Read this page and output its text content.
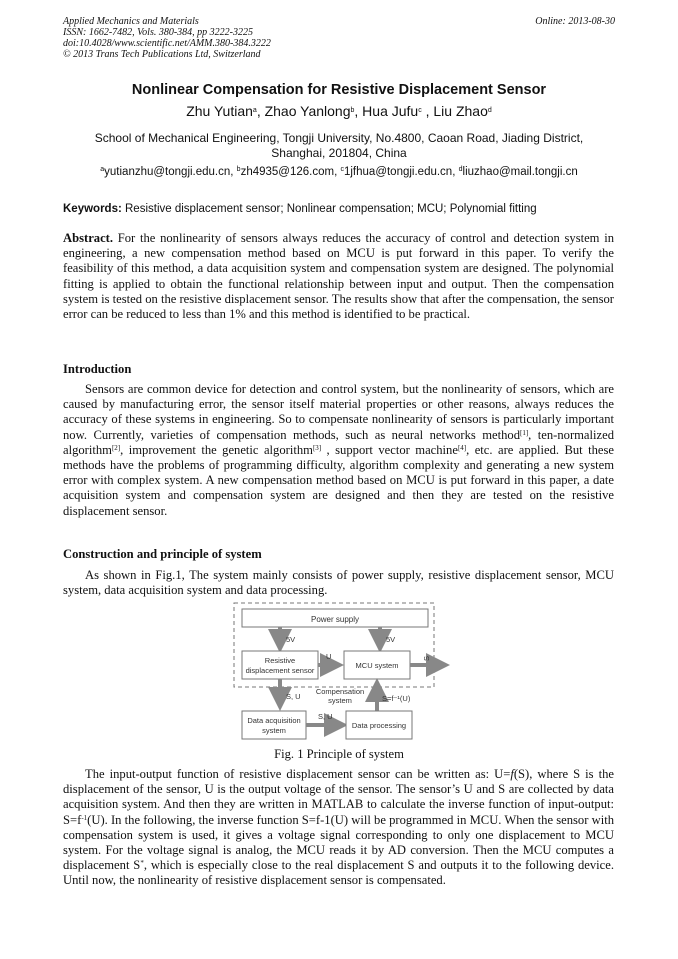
Applied Mechanics and Materials
ISSN: 1662-7482, Vols. 380-384, pp 3222-3225
doi:10.4028/www.scientific.net/AMM.380-384.3222
© 2013 Trans Tech Publications Ltd, Switzerland
Online: 2013-08-30
Nonlinear Compensation for Resistive Displacement Sensor
Zhu Yutian$^a$, Zhao Yanlong$^b$, Hua Jufu$^c$ , Liu Zhao$^d$
School of Mechanical Engineering, Tongji University, No.4800, Caoan Road, Jiading District, Shanghai, 201804, China
$^a$yutianzhu@tongji.edu.cn, $^b$zh4935@126.com, $^c$1jfhua@tongji.edu.cn, $^d$liuzhao@mail.tongji.cn
Keywords: Resistive displacement sensor; Nonlinear compensation; MCU; Polynomial fitting
Abstract. For the nonlinearity of sensors always reduces the accuracy of control and detection system in engineering, a new compensation method based on MCU is put forward in this paper. To verify the feasibility of this method, a data acquisition system and compensation system are designed. The polynomial fitting is applied to obtain the functional relationship between input and output. Then the compensation system is tested on the resistive displacement sensor. The results show that after the compensation, the sensor error can be reduced to less than 1% and this method is identified to be practical.
Introduction
Sensors are common device for detection and control system, but the nonlinearity of sensors, which are caused by manufacturing error, the sensor itself material properties or other reasons, always reduces the accuracy of these systems in engineering. So to compensate nonlinearity of sensors is particularly important now. Currently, varieties of compensation methods, such as neural networks method[1], ten-normalized algorithm[2], improvement the genetic algorithm[3] , support vector machine[4], etc. are applied. But these methods have the problems of programming difficulty, algorithm complexity and generating a new system error with complex system. A new compensation method based on MCU is put forward in this paper, a date acquisition system and compensation system are designed and then they are tested on the resistive displacement sensor.
Construction and principle of system
As shown in Fig.1, The system mainly consists of power supply, resistive displacement sensor, MCU system, data acquisition system and data processing.
Power supply
5V	5V
Resistive
displacement sensor
U
MCU system
S
S, U
Compensation
system	S=f⁻¹(U)
Data acquisition
system
S, U
Data processing
Fig. 1 Principle of system
The input-output function of resistive displacement sensor can be written as: U=f(S), where S is the displacement of the sensor, U is the output voltage of the sensor. The sensor’s U and S are collected by data acquisition system. And then they are written in MATLAB to calculate the inverse function of input-output: $S=f^{-1}(U)$. In the following, the inverse function S=f-1(U) will be programmed in MCU. When the sensor with compensation system is used, it gives a voltage signal corresponding to only one displacement to MCU system. For the voltage signal is analog, the MCU reads it by AD conversion. Then the MCU computes a displacement S*, which is especially close to the real displacement S and outputs it to the following device. Until now, the nonlinearity of resistive displacement sensor is compensated.
